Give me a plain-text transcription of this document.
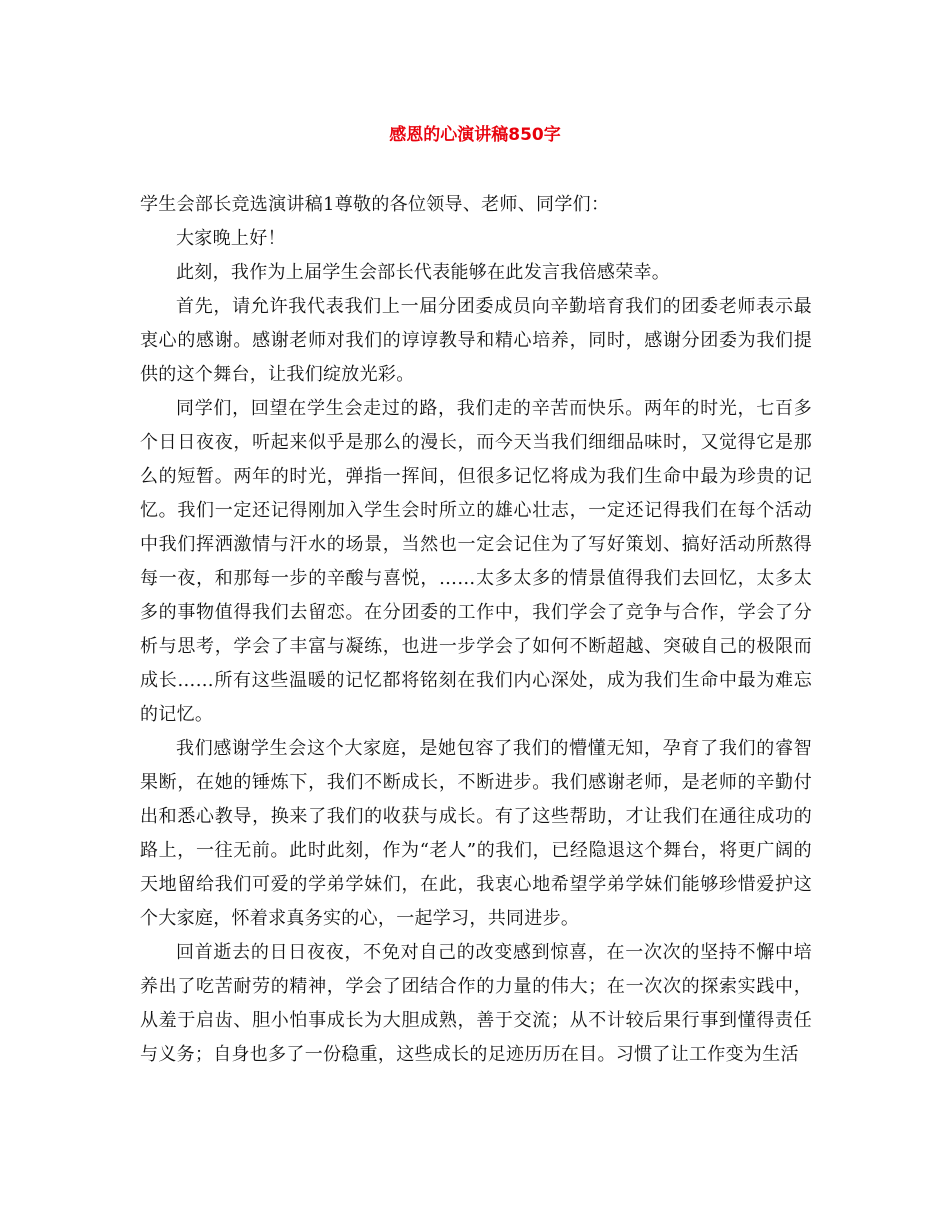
感恩的心演讲稿850字

学生会部长竞选演讲稿1尊敬的各位领导、老师、同学们：

大家晚上好！

此刻，我作为上届学生会部长代表能够在此发言我倍感荣幸。

首先，请允许我代表我们上一届分团委成员向辛勤培育我们的团委老师表示最衷心的感谢。感谢老师对我们的谆谆教导和精心培养，同时，感谢分团委为我们提供的这个舞台，让我们绽放光彩。

同学们，回望在学生会走过的路，我们走的辛苦而快乐。两年的时光，七百多个日日夜夜，听起来似乎是那么的漫长，而今天当我们细细品味时，又觉得它是那么的短暂。两年的时光，弹指一挥间，但很多记忆将成为我们生命中最为珍贵的记忆。我们一定还记得刚加入学生会时所立的雄心壮志，一定还记得我们在每个活动中我们挥洒激情与汗水的场景，当然也一定会记住为了写好策划、搞好活动所熬得每一夜，和那每一步的辛酸与喜悦，……太多太多的情景值得我们去回忆，太多太多的事物值得我们去留恋。在分团委的工作中，我们学会了竞争与合作，学会了分析与思考，学会了丰富与凝练，也进一步学会了如何不断超越、突破自己的极限而成长……所有这些温暖的记忆都将铭刻在我们内心深处，成为我们生命中最为难忘的记忆。

我们感谢学生会这个大家庭，是她包容了我们的懵懂无知，孕育了我们的睿智果断，在她的锤炼下，我们不断成长，不断进步。我们感谢老师，是老师的辛勤付出和悉心教导，换来了我们的收获与成长。有了这些帮助，才让我们在通往成功的路上，一往无前。此时此刻，作为“老人”的我们，已经隐退这个舞台，将更广阔的天地留给我们可爱的学弟学妹们，在此，我衷心地希望学弟学妹们能够珍惜爱护这个大家庭，怀着求真务实的心，一起学习，共同进步。

回首逝去的日日夜夜，不免对自己的改变感到惊喜，在一次次的坚持不懈中培养出了吃苦耐劳的精神，学会了团结合作的力量的伟大；在一次次的探索实践中，从羞于启齿、胆小怕事成长为大胆成熟，善于交流；从不计较后果行事到懂得责任与义务；自身也多了一份稳重，这些成长的足迹历历在目。习惯了让工作变为生活
